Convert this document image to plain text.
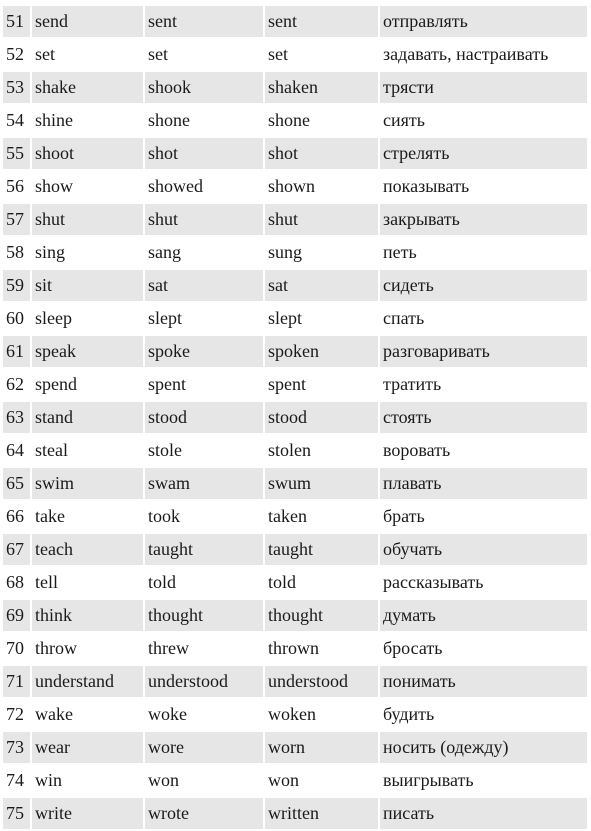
51	send	sent	sent	отправлять
52	set	set	set	задавать, настраивать
53	shake	shook	shaken	трясти
54	shine	shone	shone	сиять
55	shoot	shot	shot	стрелять
56	show	showed	shown	показывать
57	shut	shut	shut	закрывать
58	sing	sang	sung	петь
59	sit	sat	sat	сидеть
60	sleep	slept	slept	спать
61	speak	spoke	spoken	разговаривать
62	spend	spent	spent	тратить
63	stand	stood	stood	стоять
64	steal	stole	stolen	воровать
65	swim	swam	swum	плавать
66	take	took	taken	брать
67	teach	taught	taught	обучать
68	tell	told	told	рассказывать
69	think	thought	thought	думать
70	throw	threw	thrown	бросать
71	understand	understood	understood	понимать
72	wake	woke	woken	будить
73	wear	wore	worn	носить (одежду)
74	win	won	won	выигрывать
75	write	wrote	written	писать
